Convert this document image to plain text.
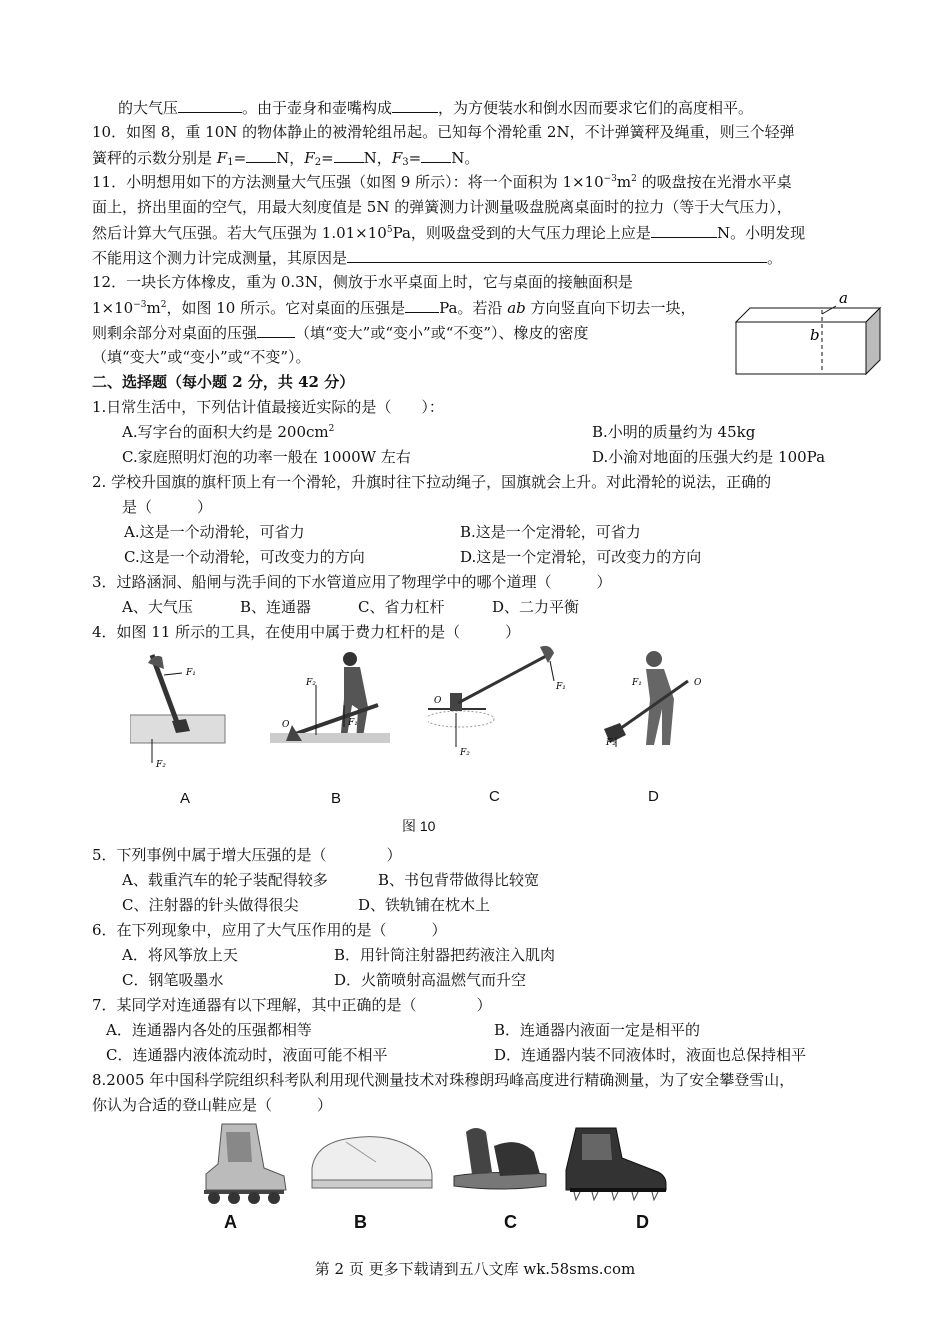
的大气压	。由于壶身和壶嘴构成	，为方便装水和倒水因而要求它们的高度相平。
10．如图 8，重 10N 的物体静止的被滑轮组吊起。已知每个滑轮重 2N，不计弹簧秤及绳重，则三个轻弹
簧秤的示数分别是 $F_1= N$，$F_2= N$，$F_3= N$。
11．小明想用如下的方法测量大气压强（如图 9 所示）：将一个面积为 $1\times 10^{-3}m^2$ 的吸盘按在光滑水平桌
面上，挤出里面的空气，用最大刻度值是 5N 的弹簧测力计测量吸盘脱离桌面时的拉力（等于大气压力），
然后计算大气压强。若大气压强为 $1.01\times 10^5Pa$，则吸盘受到的大气压力理论上应是	N。小明发现
不能用这个测力计完成测量，其原因是	。
12．一块长方体橡皮，重为 0.3N，侧放于水平桌面上时，它与桌面的接触面积是
$1\times 10^{-3}m^2$，如图 10 所示。它对桌面的压强是 Pa。若沿 ab 方向竖直向下切去一块，
则剩余部分对桌面的压强	（填“变大”或“变小”或“不变”）、橡皮的密度
（填“变大”或“变小”或“不变”）。
a
b
二、选择题（每小题 2 分，共 42 分）
1.日常生活中，下列估计值最接近实际的是（　　）：
A.写字台的面积大约是 $200cm^2$	B.小明的质量约为 45kg
C.家庭照明灯泡的功率一般在 1000W 左右	D.小渝对地面的压强大约是 100Pa
2. 学校升国旗的旗杆顶上有一个滑轮，升旗时往下拉动绳子，国旗就会上升。对此滑轮的说法，正确的
是（　　　）
A.这是一个动滑轮，可省力	B.这是一个定滑轮，可省力
C.这是一个动滑轮，可改变力的方向	D.这是一个定滑轮，可改变力的方向
3．过路涵洞、船闸与洗手间的下水管道应用了物理学中的哪个道理（　　　）
A、大气压	B、连通器	C、省力杠杆	D、二力平衡
4．如图 11 所示的工具，在使用中属于费力杠杆的是（　　　）
F₁
F₂
F₂
O	F₁
F₁
O
F₂
F₁	O
F₂
A	B	C	D
图 10
5．下列事例中属于增大压强的是（　　　　）
A、载重汽车的轮子装配得较多	B、书包背带做得比较宽
C、注射器的针头做得很尖	D、铁轨铺在枕木上
6．在下列现象中，应用了大气压作用的是（　　　）
A．将风筝放上天	B．用针筒注射器把药液注入肌肉
C．钢笔吸墨水	D．火箭喷射高温燃气而升空
7．某同学对连通器有以下理解，其中正确的是（　　　　）
A．连通器内各处的压强都相等	B．连通器内液面一定是相平的
C．连通器内液体流动时，液面可能不相平	D．连通器内装不同液体时，液面也总保持相平
8.2005 年中国科学院组织科考队利用现代测量技术对珠穆朗玛峰高度进行精确测量，为了安全攀登雪山，
你认为合适的登山鞋应是（　　　）
A	B	C	D
第 2 页 更多下载请到五八文库 wk.58sms.com
